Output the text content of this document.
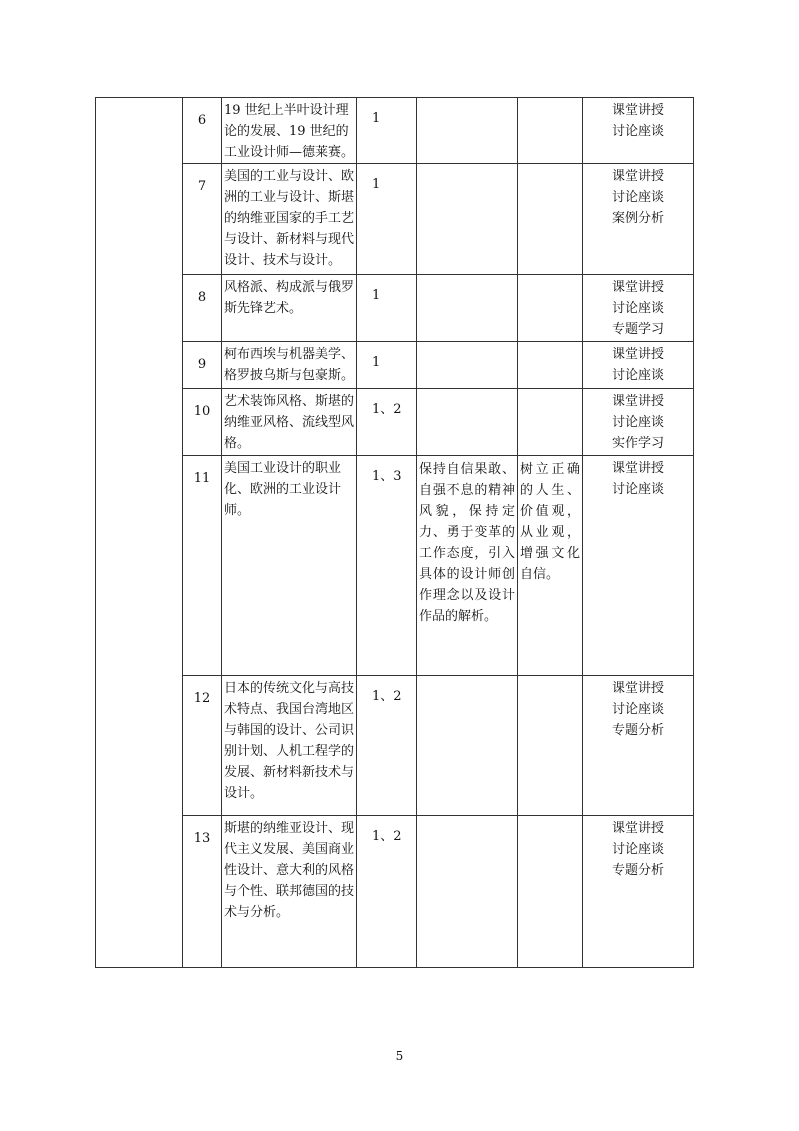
	6	19 世纪上半叶设计理论的发展、19 世纪的工业设计师—德莱赛。	1			课堂讲授
讨论座谈

	7	美国的工业与设计、欧洲的工业与设计、斯堪的纳维亚国家的手工艺与设计、新材料与现代设计、技术与设计。	1			课堂讲授
讨论座谈
案例分析

	8	风格派、构成派与俄罗斯先锋艺术。	1			课堂讲授
讨论座谈
专题学习

	9	柯布西埃与机器美学、格罗披乌斯与包豪斯。	1			课堂讲授
讨论座谈

	10	艺术装饰风格、斯堪的纳维亚风格、流线型风格。	1、2			课堂讲授
讨论座谈
实作学习

	11	美国工业设计的职业化、欧洲的工业设计师。	1、3	保持自信果敢、自强不息的精神风貌，保持定力、勇于变革的工作态度，引入具体的设计师创作理念以及设计作品的解析。	树立正确的人生、价值观，从业观，增强文化自信。	课堂讲授
讨论座谈

	12	日本的传统文化与高技术特点、我国台湾地区与韩国的设计、公司识别计划、人机工程学的发展、新材料新技术与设计。	1、2			课堂讲授
讨论座谈
专题分析

	13	斯堪的纳维亚设计、现代主义发展、美国商业性设计、意大利的风格与个性、联邦德国的技术与分析。	1、2			课堂讲授
讨论座谈
专题分析
5
